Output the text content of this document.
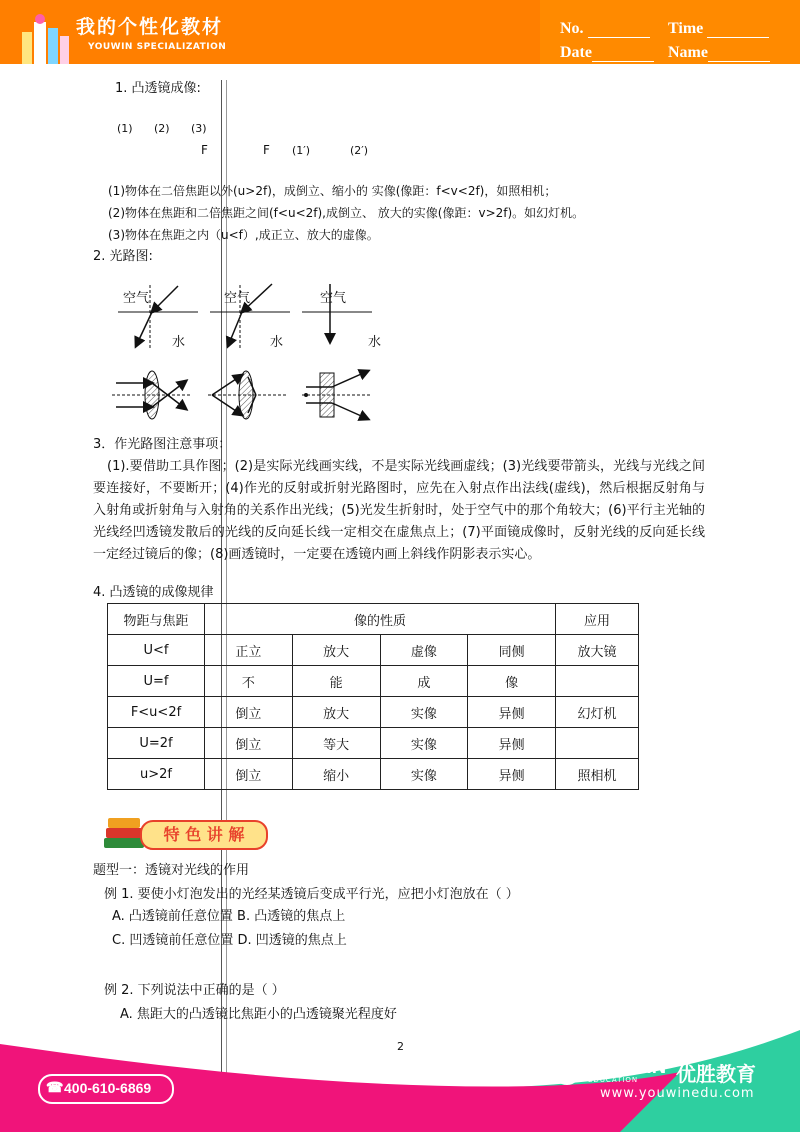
我的个性化教材
YOUWIN SPECIALIZATION
No.	Time
Date	Name
1. 凸透镜成像:
(1) (2) (3)
F	F (1′)	(2′)
(1)物体在二倍焦距以外(u>2f)，成倒立、缩小的 实像(像距：f<v<2f)，如照相机；
(2)物体在焦距和二倍焦距之间(f<u<2f),成倒立、 放大的实像(像距：v>2f)。如幻灯机。
(3)物体在焦距之内（u<f）,成正立、放大的虚像。
2. 光路图:
空气
水
空气
水
空气
水
3．作光路图注意事项：
(1).要借助工具作图；(2)是实际光线画实线，不是实际光线画虚线；(3)光线要带箭头，光线与光线之间要连接好，不要断开；(4)作光的反射或折射光路图时，应先在入射点作出法线(虚线)，然后根据反射角与入射角或折射角与入射角的关系作出光线；(5)光发生折射时，处于空气中的那个角较大；(6)平行主光轴的光线经凹透镜发散后的光线的反向延长线一定相交在虚焦点上；(7)平面镜成像时，反射光线的反向延长线一定经过镜后的像；(8)画透镜时，一定要在透镜内画上斜线作阴影表示实心。
4. 凸透镜的成像规律
物距与焦距	像的性质				应用
U<f	正立	放大	虚像	同侧	放大镜
U=f	不	能	成	像	
F<u<2f	倒立	放大	实像	异侧	幻灯机
U=2f	倒立	等大	实像	异侧	
u>2f	倒立	缩小	实像	异侧	照相机
特 色 讲 解
题型一：透镜对光线的作用
例 1. 要使小灯泡发出的光经某透镜后变成平行光，应把小灯泡放在（ ）
A. 凸透镜前任意位置 B. 凸透镜的焦点上
C. 凹透镜前任意位置 D. 凹透镜的焦点上
例 2. 下列说法中正确的是（ ）
A. 焦距大的凸透镜比焦距小的凸透镜聚光程度好
2
☎ 400-610-6869
YOUWIN
EDUCATION 优胜教育
www.youwinedu.com
